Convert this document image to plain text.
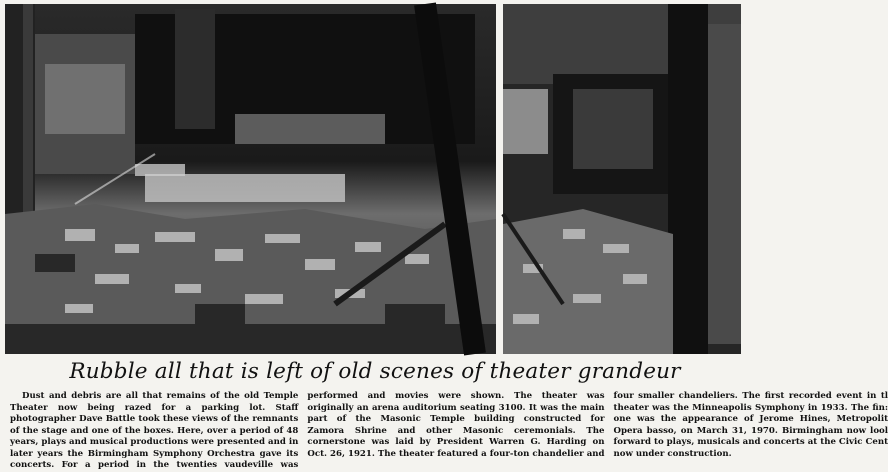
Rubble all that is left of old scenes of theater grandeur
Dust and debris are all that remains of the old Temple
Theater now being razed for a parking lot. Staff
photographer Dave Battle took these views of the remnants
of the stage and one of the boxes. Here, over a period of 48
years, plays and musical productions were presented and in
later years the Birmingham Symphony Orchestra gave its
concerts. For a period in the twenties vaudeville was
performed and movies were shown. The theater was
originally an arena auditorium seating 3100. It was the main
part of the Masonic Temple building constructed for
Zamora Shrine and other Masonic ceremonials. The
cornerstone was laid by President Warren G. Harding on
Oct. 26, 1921. The theater featured a four-ton chandelier and
four smaller chandeliers. The first recorded event in tl
theater was the Minneapolis Symphony in 1933. The fin:
one was the appearance of Jerome Hines, Metropolit
Opera basso, on March 31, 1970. Birmingham now lool
forward to plays, musicals and concerts at the Civic Cent
now under construction.
